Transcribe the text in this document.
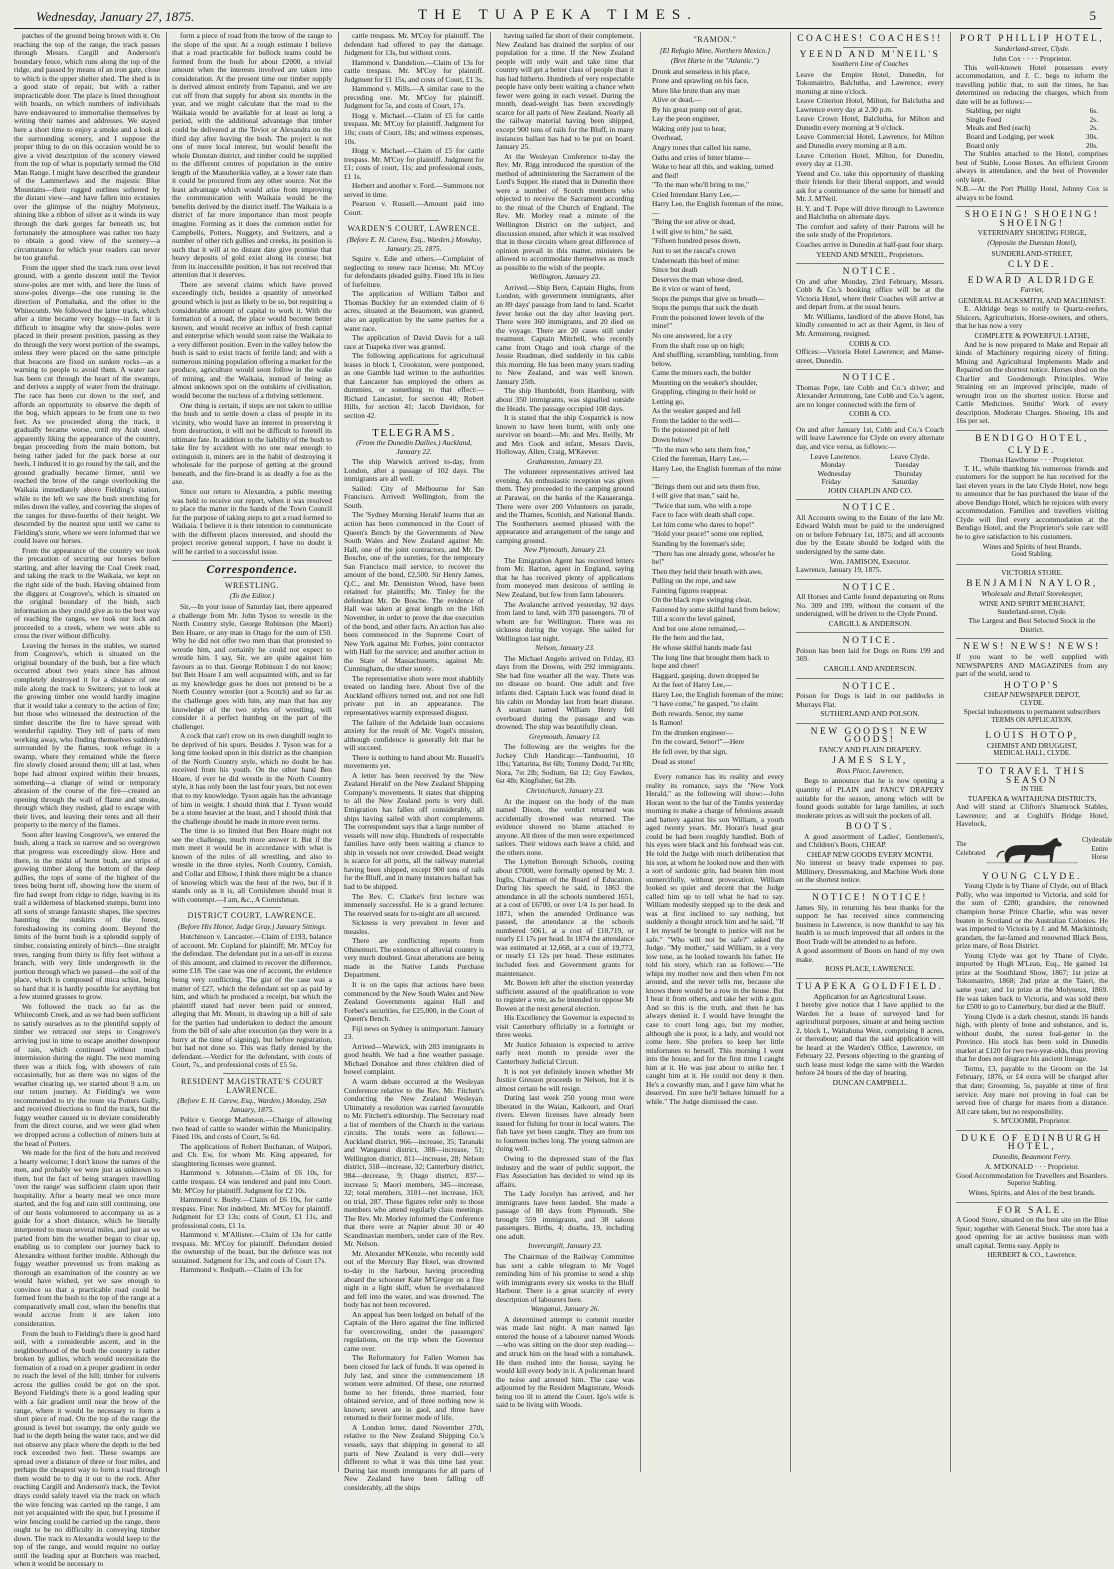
Wednesday, January 27, 1875.	THE TUAPEKA TIMES.	5

patches of the ground being brown with it. On reaching the top of the range, the track passes through Messrs. Cargill and Anderson's boundary fence, which runs along the top of the ridge, and passed by means of an iron gate, close to which is the upper shelter shed. The shed is in a good state of repair, but with a rather impracticable door. The place is lined throughout with boards, on which numbers of individuals have endeavoured to immortalise themselves by writing their names and addresses. We stayed here a short time to enjoy a smoke and a look at the surrounding scenery, and I suppose the proper thing to do on this occasion would be to give a vivid description of the scenery viewed from the top of what is popularly termed the Old Man Range. I might have described the grandeur of the Lammerlaws and the majestic Blue Mountains—their rugged outlines softened by the distant view—and have fallen into ecstasies over the glimpse of the mighty Molyneux, shining like a ribbon of silver as it winds its way through the dark gorges far beneath us; but fortunately the atmosphere was rather too hazy to obtain a good view of the scenery—a circumstance for which your readers can never be too grateful.

From the upper shed the track runs over level ground, with a gentle descent until the Teviot snow-poles are met with, and here the lines of snow-poles diverge—the one running in the direction of Pomahaka, and the other to the Whitecomb. We followed the latter track, which after a time became very boggy—in fact it is difficult to imagine why the snow-poles were placed in their present position, passing as they do through the very worst portion of the swamps, unless they were placed on the same principle that beacons are fixed on sunken rocks—as a warning to people to avoid them. A water race has been cut through the heart of the swamps, and derives a supply of water from the drainage. The race has been cut down to the reef, and affords an opportunity to observe the depth of the bog, which appears to be from one to two feet. As we proceeded along the track, it gradually became worse, until my Arab steed, apparently liking the appearance of the country, began proceeding from the main bottom, but being rather jaded for the pack horse at our heels, I induced it to go round by the tail, and the ground gradually became firmer, until we reached the brow of the range overlooking the Waikaia immediately above Fielding's station, while to the left we saw the bush stretching for miles down the valley, and covering the slopes of the ranges for three-fourths of their height. We descended by the nearest spur until we came to Fielding's store, where we were informed that we could leave our horses.

From the appearance of the country we took the precaution of securing our horses before starting, and after leaving the Coal Creek road, and taking the track to the Waikaia, we kept on the right side of the bush. Having obtained from the diggers at Cosgrove's, which is situated on the original boundary of the bush, such information as they could give as to the best way of reaching the ranges, we took our luck and proceeded to a creek, where we were able to cross the river without difficulty.

Leaving the horses in the stables, we started from Cosgrove's, which is situated on the original boundary of the bush, but a fire which occurred about two years since has almost completely destroyed it for a distance of one mile along the track to Switzers; yet to look at the growing timber one would hardly imagine that it would take a century to the action of fire; but those who witnessed the destruction of the timber describe the fire to have spread with wonderful rapidity. They tell of parts of men working away, who finding themselves suddenly surrounded by the flames, took refuge in a swamp, where they remained while the fierce fire slowly closed around them; till at last, when hope had almost expired within their breasts, something—a change of wind or temporary abrasion of the course of the fire—created an opening through the wall of flame and smoke, through which they rushed, glad to escape with their lives, and leaving their tents and all their property to the mercy of the flames.

Soon after leaving Cosgrove's, we entered the bush, along a track so narrow and so overgrown that progress was exceedingly slow. Here and there, in the midst of burnt bush, are strips of growing timber along the bottom of the deep gullies, the tops of some of the highest of the trees being burnt off, showing how the storm of fire had swept from ridge to ridge, leaving in its trail a wilderness of blackened stumps, burnt into all sorts of strange fantastic shapes, like spectres haunting the outskirts of the forest, foreshadowing its coming doom. Beyond the limits of the burnt bush is a splendid supply of timber, consisting entirely of birch—fine straight trees, ranging from thirty to fifty feet without a branch, with very little undergrowth in the portion through which we passed—the soil of the place, which is composed of mica schist, being so hard that it is hardly possible for anything but a few stunted grasses to grow.

We followed the track so far as the Whitecomb Creek, and as we had been sufficient to satisfy ourselves as to the plentiful supply of timber we retraced our steps to Cosgrove's arriving just in time to escape another downpour of rain, which continued without much intermission during the night. The next morning there was a thick fog, with showers of rain occasionally, but as there was no signs of the weather clearing up, we started about 9 a.m. on our return journey. At Fielding's we were recommended to try the route via Potters Gully, and received directions to find the track, but the foggy weather caused us to deviate considerably from the direct course, and we were glad when we dropped across a collection of miners huts at the head of Potters.

We made for the first of the huts and received a hearty welcome; I don't know the names of the men, and probably we were just as unknown to them, but the fact of being strangers travelling 'over the range' was sufficient claim upon their hospitality. After a hearty meal we once more started, and the fog and rain still continuing, one of our hosts volunteered to accompany us as a guide for a short distance, which he literally interpreted to mean several miles, and just as we parted from him the weather began to clear up, enabling us to complete our journey back to Alexandra without further trouble. Although the foggy weather prevented us from making as thorough an examination of the country as we would have wished, yet we saw enough to convince us that a practicable road could be formed from the bush to the top of the range at a comparatively small cost, when the benefits that would accrue from it are taken into consideration.

From the bush to Fielding's there is good hard soil, with a considerable ascent, and in the neighbourhood of the bush the country is rather broken by gullies, which would necessitate the formation of a road on a proper gradient in order to reach the level of the hill; timber for culverts across the gullies could be got on the spot. Beyond Fielding's there is a good leading spur with a fair gradient until near the brow of the range, where it would be necessary to form a short piece of road. On the top of the range the ground is level but swampy, the only guide we had to the depth being the water race, and we did not observe any place where the depth to the bed rock exceeded two feet. These swamps are spread over a distance of three or four miles, and perhaps the cheapest way to form a road through them would be to dig it out to the rock. After reaching Cargill and Anderson's track, the Teviot drays could safely travel via the track on which the wire fencing was carried up the range, I am not yet acquainted with the spur, but I presume if wire fencing could be carried up the range, there ought to be no difficulty in conveying timber down. The track to Alexandra would keep to the top of the range, and would require no outlay until the leading spur at Butchers was reached, when it would be necessary to

form a piece of road from the brow of the range to the slope of the spur. At a rough estimate I believe that a road practicable for bullock teams could be formed from the bush for about £2000, a trivial amount when the interests involved are taken into consideration. At the present time our timber supply is derived almost entirely from Tapanui, and we are cut off from that supply for about six months in the year, and we might calculate that the road to the Waikaia would be available for at least as long a period, with the additional advantage that timber could be delivered at the Teviot or Alexandra on the third day after leaving the bush. The project is not one of mere local interest, but would benefit the whole Dunstan district, and timber could be supplied to the different centres of population in the entire length of the Manuherikia valley, at a lower rate than it could be procured from any other source. Not the least advantage which would arise from improving the communication with Waikaia would be the benefits derived by the district itself. The Waikaia is a district of far more importance than most people imagine. Forming as it does the common outlet for Campbells, Potters, Nuggety, and Switzers, and a number of other rich gullies and creeks, its position is such that it will at no distant date give promise that heavy deposits of gold exist along its course; but from its inaccessible position, it has not received that attention that it deserves.

There are several claims which have proved exceedingly rich, besides a quantity of unworked ground which is just as likely to be so, but requiring a considerable amount of capital to work it. With the formation of a road, the place would become better known, and would receive an influx of fresh capital and enterprise which would soon raise the Waikaia to a very different position. Even in the valley below the bush is said to exist tracts of fertile land; and with a numerous mining population offering a market for the produce, agriculture would soon follow in the wake of mining, and the Waikaia, instead of being as almost unknown spot on the outskirts of civilisation, would become the nucleus of a thriving settlement.

One thing is certain, if steps are not taken to utilise the bush and to settle down a class of people in its vicinity, who would have an interest in preserving it from destruction, it will not be difficult to foretell its ultimate fate. In addition to the liability of the bush to take fire by accident with no one near enough to extinguish it, miners are in the habit of destroying it wholesale for the purpose of getting at the ground beneath, and the fire-brand is as deadly a foe as the axe.

Since our return to Alexandra, a public meeting was held to receive our report, when it was resolved to place the matter in the hands of the Town Council for the purpose of taking steps to get a road formed to Waikaia. I believe it is their intention to communicate with the different places interested, and should the project receive general support, I have no doubt it will be carried to a successful issue.

Correspondence.

WRESTLING.

(To the Editor.)

Sir,—In your issue of Saturday last, there appeared a challenge from Mr. John Tyson to wrestle in the North Country style, George Robinson (the Maori) Ben Hoare, or any man in Otago for the sum of £50. Why he did not offer two men than that protested to wrestle him, and certainly he could not expect to wrestle him. I say, Sir, we are quite against him favours as to that. George Robinson I do not know; but Ben Hoare I am well acquainted with, and so far as my knowledge goes he does not pretend to be a North Country wrestler (not a Scotch) and so far as the challenge goes with him, any man that has any knowledge of the two styles of wrestling, will consider it a perfect humbug on the part of the challenger.

A cock that can't crow on its own dunghill ought to be deprived of his spurs. Besides J. Tyson was for a long time looked upon in this district as the champion of the North Country style, which no doubt he has received from his youth. On the other hand Ben Hoare, if ever he did wrestle in the North Country style, it has only been the last four years, but not even that to my knowledge. Tyson again has the advantage of him in weight. I should think that J. Tyson would be a stone heavier at the least, and I should think that the challenge should be made in more even terms.

The time is so limited that Ben Hoare might not see the challenge, much more answer it. But if the men meet it would be in accordance with what is known of the rules of all wrestling, and also to wrestle in the three styles, North Country, Cornish, and Collar and Elbow, I think there might be a chance of knowing which was the best of the two, but if it stands only as it is, all Cornishmen should treat it with contempt.—I am, &c., A Cornishman.

DISTRICT COURT, LAWRENCE.

(Before His Honor, Judge Gray.) January Sittings.

Hutchinson v. Lancaster.—Claim of £193, balance of account. Mr. Copland for plaintiff; Mr. M'Coy for the defendant. The defendant put in a set-off in excess of this amount, and claimed to recover the difference, some £18. The case was one of account, the evidence being very conflicting. The gist of the case was a matter of £27, which the defendant set up as paid by him, and which he produced a receipt, but which the plaintiff stated had never been paid or entered, alleging that Mr. Mount, in drawing up a bill of sale for the parties had undertaken to deduct the amount from the bill of sale after execution (as they were in a hurry at the time of signing), but before registration, but had not done so. This was flatly denied by the defendant.—Verdict for the defendant, with costs of Court, 7s., and professional costs of £5 5s.

RESIDENT MAGISTRATE'S COURT LAWRENCE.

(Before E. H. Carew, Esq., Warden.) Monday, 25th January, 1875.

Police v. George Matheson.—Charge of allowing two head of cattle to wander within the Municipality. Fined 10s, and costs of Court, 5s 6d.

The applications of Robert Buchanan, of Waipori, and Ch. Ew, for whom Mr. King appeared, for slaughtering licenses were granted.

Hammond v. Johnston.—Claim of £6 10s, for cattle trespass. £4 was tendered and paid into Court. Mr. M'Coy for plaintiff. Judgment for £2 10s.

Hammond v. Busby.—Claim of £6 10s, for cattle trespass. Fine: Not indebted. Mr. M'Coy for plaintiff. Judgment for £3 13s; costs of Court, £1 11s, and professional costs, £1 1s.

Hammond v. M'Allister.—Claim of 13s for cattle trespass. Mr. M'Coy for plaintiff. Defendant denied the ownership of the beast, but the defence was not sustained. Judgment for 13s, and costs of Court 17s.

Hammond v. Redpath.—Claim of 13s for

cattle trespass. Mr. M'Coy for plaintiff. The defendant had offered to pay the damage. Judgment for 13s, but without costs.

Hammond v. Dandelion.—Claim of 13s for cattle trespass. Mr. M'Coy for plaintiff. Judgment for £1 15s, and costs of Court, £1 3s.

Hammond v. Mills.—A similar case to the preceding one. Mr. M'Coy for plaintiff. Judgment for 5s, and costs of Court, 17s.

Hogg v. Michael.—Claim of £5 for cattle trespass. Mr. M'Coy for plaintiff. Judgment for 10s; costs of Court, 18s; and witness expenses, 10s.

Hogg v. Michael.—Claim of £5 for cattle trespass. Mr. M'Coy for plaintiff. Judgment for £1; costs of court, 11s; and professional costs, £1 1s.

Herbert and another v. Ford.—Summons not served in time.

Pearson v. Russell.—Amount paid into Court.

WARDEN'S COURT, LAWRENCE.

(Before E. H. Carew, Esq., Warden.) Monday, January, 25, 1875.

Squire v. Edie and others.—Complaint of neglecting to renew race license. Mr. M'Coy for defendants pleaded guilty. Fined 10s in lieu of forfeiture.

The application of William Talbot and Thomas Buckley for an extended claim of 6 acres, situated at the Beaumont, was granted, also an application by the same parties for a water race.

The application of David Davis for a tail race at Tuapeka river was granted.

The following applications for agricultural leases in block I, Crookston, were postponed, as one Gamble had written to the authorities that Lancaster has employed the others as dummies, or something to that effect:—Richard Lancaster, for section 40; Robert Hills, for section 41; Jacob Davidson, for section 42.

TELEGRAMS.

(From the Dunedin Dailies.) Auckland, January 22.

The ship Warwick arrived to-day, from London, after a passage of 102 days. The immigrants are all well.

Sailed: City of Melbourne for San Francisco. Arrived: Wellington, from the South.

The 'Sydney Morning Herald' learns that an action has been commenced in the Court of Queen's Bench by the Governments of New South Wales and New Zealand against Mr. Hall, one of the joint contractors, and Mr. De Bosche, one of the sureties, for the temporary San Francisco mail service, to recover the amount of the bond, £2,500. Sir Henry James, Q.C., and Mr. Denniston Wood, have been retained for plaintiffs; Mr. Tinley for the defendant Mr. De Bosche. The evidence of Hall was taken at great length on the 16th November, in order to prove the due execution of the bond, and other facts. An action has also been commenced in the Supreme Court of New York against Mr. Forbes, joint contractor with Hall for the service; and another action in the State of Massachusetts, against Mr. Cunningham, the other surety.

The representative shots were most shabbily treated on landing here. About five of the Auckland officers turned out, and not one full private put in an appearance. The representatives warmly expressed disgust.

The failure of the Adelaide loan occasions anxiety for the result of Mr. Vogel's mission, although confidence is generally felt that he will succeed.

There is nothing to hand about Mr. Russell's movements yet.

A letter has been received by the 'New Zealand Herald' on the New Zealand Shipping Company's movements. It states that shipping to all the New Zealand ports is very dull. Emigration has fallen off considerably, all ships having sailed with short complements. The correspondent says that a large number of vessels will now ship. Hundreds of respectable families have only been waiting a chance to ship in vessels not over crowded. Dead weight is scarce for all ports, all the railway material having been shipped, except 900 tons of rails for the Bluff, and in many instances ballast has had to be shipped.

The Rev. C. Clarke's first lecture was immensely successful. He is a grand lecturer. The reserved seats for to-night are all secured.

Sickness is very prevalent in fever and measles.

There are conflicting reports from Ohinemuri. The existence of alluvial country is very much doubted. Great alterations are being made in the Native Lands Purchase Department.

It is on the tapis that actions have been commenced by the New South Wales and New Zealand Governments against Hall and Forbes's securities, for £25,000, in the Court of Queen's Bench.

Fiji news on Sydney is unimportant. January 23.

Arrived—Warwick, with 283 immigrants in good health. We had a fine weather passage. Michael Donahoe and three children died of bowel complaint.

A warm debate occurred at the Wesleyan Conference relative to the Rev. Mr. Fitchett's conducting the New Zealand Wesleyan. Ultimately a resolution was carried favourable to Mr. Fitchett's editorship. The Secretary read a list of members of the Church in the various circuits. The totals were as follows:—Auckland district, 966—increase, 35; Taranaki and Wanganui district, 388—increase, 51; Wellington district, 811—increase, 28; Nelson district, 318—increase, 32; Canterbury district, 984—decrease, 9; Otago district, 837—increase 5; Maori members, 345—increase, 32; total members, 3101—net increase, 163; on trial, 287. These figures refer only to those members who attend regularly class meetings. The Rev. Mr. Morley informed the Conference that there were at Napier about 30 or 40 Scandinavian members, under care of the Rev. Mr. Nelson.

Mr. Alexander M'Kenzie, who recently sold out of the Mercury Bay Hotel, was drowned to-day in the harbour, having proceeding aboard the schooner Kate M'Gregor on a fine night in a light skiff, when he overbalanced and fell into the water, and was drowned. The body has not been recovered.

An appeal has been lodged on behalf of the Captain of the Hero against the fine inflicted for overcrowding, under the passengers' regulations, on the trip when the Governor came over.

The Reformatory for Fallen Women has been closed for lack of funds. It was opened in July last, and since the commencement 18 women were admitted. Of these, one returned home to her friends, three married, four obtained service, and of three nothing now is known; seven are in gaol, and three have returned to their former mode of life.

A London letter, dated November 27th, relative to the New Zealand Shipping Co.'s vessels, says that shipping in general to all parts of New Zealand is very dull—very different to what it was this time last year. During last month immigrants for all parts of New Zealand have been falling off considerably, all the ships

having sailed far short of their complement. New Zealand has drained the surplus of our population for a time. If the New Zealand people will only wait and take time that country will get a better class of people than it has had hitherto. Hundreds of very respectable people have only been waiting a chance when fewer were going in each vessel. During the month, dead-weight has been exceedingly scarce for all parts of New Zealand. Nearly all the railway material having been shipped, except 900 tons of rails for the Bluff, in many instances ballast has had to be put on board. January 25.

At the Wesleyan Conference to-day the Rev. Mr. Rigg introduced the question of the method of administering the Sacrament of the Lord's Supper. He stated that in Dunedin there were a number of Scotch members who objected to receive the Sacrament according to the ritual of the Church of England. The Rev. Mr. Morley read a minute of the Wellington District on the subject, and discussion ensued, after which it was resolved that in those circuits where great difference of opinion prevail in this matter, ministers be allowed to accommodate themselves as much as possible to the wish of the people.

Wellington, January 23.

Arrived.—Ship Bern, Captain Highs, from London, with government immigrants, after an 89 days' passage from land to land. Scarlet fever broke out the day after leaving port. There were 360 immigrants, and 20 died on the voyage. There are 20 cases still under treatment. Captain Mitchell, who recently came from Otago and took charge of the Jessie Readman, died suddenly in his cabin this morning. He has been many years trading to New Zealand, and was well known. January 25th.

The ship Humboldt, from Hamburg, with about 350 immigrants, was signalled outside the Heads. The passage occupied 108 days.

It is stated that the ship Cospatrick is now known to have been burnt, with only one survivor on board:—Mr. and Mrs. Reilly, Mr and Mrs Cook and infant, Messrs Davis, Holloway, Allen, Craig, M'Keever.

Grahamston, January 23.

The volunteer representatives arrived last evening. An enthusiastic reception was given them. They proceeded to the camping ground at Parawai, on the banks of the Kauaeranga. There were over 200 Volunteers on parade, and the Thames, Scottish, and National Bands. The Southerners seemed pleased with the appearance and arrangement of the range and camping ground.

New Plymouth, January 23.

The Emigration Agent has received letters from Mr. Barton, agent in England, saying that he has received plenty of applications from moneyed men desirous of settling in New Zealand, but few from farm labourers.

The Avalanche arrived yesterday, 92 days from land to land, with 370 passengers. 70 of whom are for Wellington. There was no sickness during the voyage. She sailed for Wellington last night.

Nelson, January 23.

The Michael Angelo arrived on Friday, 83 days from the Downs, with 292 immigrants. She had fine weather all the way. There was no disease on board. One adult and five infants died. Captain Luck was found dead in his cabin on Monday last from heart disease. A seaman named William Henry fell overboard during the passage and was drowned. The ship was beautifully clean.

Greymouth, January 13.

The following are the weights for the Jockey Club Handicap:—Tambourini, 10 1lbs; Yattarina, 8st 6lb; Tommy Dodd, 7st 8lb; Nora, 7st 2lb; Sodium, 6st 12; Guy Fawkes, 6st 4lb; Kingfisher, 6st 2lb.

Christchurch, January 23.

At the inquest on the body of the man named Dixon, the verdict returned was accidentally drowned was returned. The evidence showed no blame attached to anyone. All three of the men were experienced sailors. Their widows each leave a child, and the others none.

The Lyttelton Borough Schools, costing about £7000, were formally opened by Mr. J. Inglis, Chairman of the Board of Education. During his speech he said, in 1863 the attendance in all the schools numbered 1651, at a cost of £6700, or over 1/4 1s per head. In 1871, when the amended Ordinance was passed, the attendance at the schools numbered 5061, at a cost of £10,719, or nearly £1 17s per head. In 1874 the attendance was estimated at 12,668, at a cost of 19,773, or nearly £1 12s per head. These estimates included fees and Government grants for maintenance.

Mr. Bowen left after the election yesterday sufficient assured of the qualification to vote to register a vote, as he intended to oppose Mr Bowen at the next general election.

His Excellency the Governor is expected to visit Canterbury officially in a fortnight or three weeks.

Mr Justice Johnston is expected to arrive early next month to preside over the Canterbury Judicial Circuit.

It is not yet definitely known whether Mr Justice Gresson proceeds to Nelson, but it is almost certain he will resign.

During last week 250 young trout were liberated in the Waiau, Kaikouri, and Orari rivers. Eleven licenses have already been issued for fishing for trout in local waters. The fish have yet been caught. They are from ten to fourteen inches long. The young salmon are doing well.

Owing to the depressed state of the flax industry and the want of public support, the Flax Association has decided to wind up its affairs.

The Lady Jocelyn has arrived, and her immigrants have been landed. She made a passage of 80 days from Plymouth. She brought 559 immigrants, and 38 saloon passengers. Births, 4; deaths, 19, including one adult.

Invercargill, January 23.

The Chairman of the Railway Committee has sent a cable telegram to Mr Vogel reminding him of his promise to send a ship with immigrants every six weeks to the Bluff Harbour. There is a great scarcity of every description of labourers here.

Wanganui, January 26.

A determined attempt to commit murder was made last night. A man named Igo entered the house of a labourer named Woods—who was sitting on the door step reading—and struck him on the head with a tomahawk. He then rushed into the house, saying he would kill every body in it. A policeman heard the noise and arrested him. The case was adjourned by the Resident Magistrate, Woods being too ill to attend the Court. Igo's wife is said to be living with Woods.

"RAMON."

[El Refugio Mine, Northern Mexico.]

(Bret Harte in the "Atlantic.")

Drunk and senseless in his place,

Prone and sprawling on his face,

More like brute than any man

Alive or dead,—

By his great pump out of gear,

Lay the peon engineer,

Waking only just to hear,

Overhead,

Angry tones that called his name,

Oaths and cries of bitter blame—

Woke to hear all this, and waking, turned and fled!

"To the man who'll bring to me,"

Cried Intendant Harry Lee,—

Harry Lee, the English foreman of the mine,—

"Bring the sot alive or dead,

I will give to him," he said,

"Fifteen hundred pesos down,

Just to set the rascal's crown

Underneath this heel of mine:

Since but death

Deserves the man whose deed,

Be it vice or want of heed,

Stops the pumps that give us breath—

Stops the pumps that suck the death

From the poisoned lower levels of the mine!"

No one answered, for a cry

From the shaft rose up on high;

And shuffling, scrambling, tumbling, from below,

Came the miners each, the bolder

Mounting on the weaker's shoulder,

Grappling, clinging to their hold or

Letting go,

As the weaker gasped and fell

From the ladder to the well—

To the poisoned pit of hell

Down below!

"To the man who sets them free,"

Cried the foreman, Harry Lee,—

Harry Lee, the English foreman of the mine—

"Brings them out and sets them free,

I will give that man," said he,

"Twice that sum, who with a rope

Face to face with death shall cope.

Let him come who dares to hope!"

"Hold your peace!" some one replied,

Standing by the foreman's side;

"There has one already gone, whose'er he be!"

Then they held their breath with awe,

Pulling on the rope, and saw

Fainting figures reappear.

On the black rope swinging clear,

Fastened by some skilful hand from below;

Till a score the level gained,

And but one alone remained,—

He the hero and the last,

He whose skilful hands made fast

The long line that brought them back to hope and cheer!

Haggard, gasping, down dropped he

At the feet of Harry Lee,—

Harry Lee, the English foreman of the mine;

"I have come," he gasped, "to claim

Both rewards. Senor, my name

Is Ramon!

I'm the drunken engineer—

I'm the coward, Senor!"—Here

He fell over, by that sign,

Dead as stone!

Every romance has its reality and every reality its romance, says the "New York Herald," as the following will show:—John Horan went to the bar of the Tombs yesterday morning to make a charge of felonious assault and battery against his son William, a youth aged twenty years. Mr. Horan's head gear could be had been roughly handled. Both of his eyes were black and his forehead was cut. He told the Judge with much deliberation that his son, at whom he looked now and then with a sort of sardonic grin, had beaten him most unmercifully, without provocation. William looked so quiet and decent that the Judge called him up to tell what he had to say. William modestly stepped up to the desk and was at first inclined to say nothing, but suddenly a thought struck him and he said, "If I let myself be brought to justice will not be safe." "Who will not be safe?" asked the Judge. "My mother," said William, in a very low tone, as he looked towards his father. He told his story, which ran as follows:—"He whips my mother now and then when I'm not around, and she never tells me, because she knows there would be a row in the house. But I hear it from others, and take her with a gun. And so this is the truth, and then he has always denied it. I would have brought the case to court long ago, but my mother, although she is poor, is a lady, and would not come here. She prefers to keep her little misfortunes to herself. This morning I went into the house, and for the first time I caught him at it. He was just about to strike her. I caught him at it. He could not deny it then. He's a cowardly man, and I gave him what he deserved. I'm sure he'll behave himself for a while." The Judge dismissed the case.

COACHES! COACHES!!

YEEND AND M'NEIL'S

Southern Line of Coaches

Leave the Empire Hotel, Dunedin, for Tokomairiro, Balclutha, and Lawrence, every morning at nine o'clock.

Leave Criterion Hotel, Milton, for Balclutha and Lawrence every day at 2.30 p.m.

Leave Crown Hotel, Balclutha, for Milton and Dunedin every morning at 9 o'clock.

Leave Commercial Hotel, Lawrence, for Milton and Dunedin every morning at 8 a.m.

Leave Criterion Hotel, Milton, for Dunedin, every day at 11.30.

Yeend and Co. take this opportunity of thanking their friends for their liberal support, and would ask for a continuance of the same for himself and Mr. J. M'Neil.

H. Y. and T. Pope will drive through to Lawrence and Balclutha on alternate days.

The comfort and safety of their Patrons will be the sole study of the Proprietors.

Coaches arrive in Dunedin at half-past four sharp.

YEEND AND M'NEIL, Proprietors.

NOTICE.

On and after Monday, 23rd February, Messrs. Cobb & Co.'s booking office will be at the Victoria Hotel, where their Coaches will arrive at and depart from, at the usual hours.

Mr. Williams, landlord of the above Hotel, has kindly consented to act as their Agent, in lieu of Mr. Armstrong, resigned.

COBB & CO.

Offices:—Victoria Hotel Lawrence; and Manse-street, Dunedin.

NOTICE.

Thomas Pope, late Cobb and Co.'s driver; and Alexander Armstrong, late Cobb and Co.'s agent, are no longer connected with the firm of

COBB & CO.

On and after January 1st, Cobb and Co.'s Coach will leave Lawrence for Clyde on every alternate day, and vice versa, as follows:—

Leave Lawrence.	Leave Clyde.
Monday	Tuesday
Wednesday	Thursday
Friday	Saturday

JOHN CHAPLIN AND CO.

NOTICE.

All Accounts owing to the Estate of the late Mr. Edward Walsh must be paid to the undersigned on or before February 1st, 1875; and all accounts due by the Estate should be lodged with the undersigned by the same date.

Wm. JAMISON, Executor.

Lawrence, January 19, 1875.

NOTICE.

All Horses and Cattle found depasturing on Runs No. 309 and 199, without the consent of the undersigned, will be driven to the Clyde Pound.

CARGILL & ANDERSON.

NOTICE.

Poison has been laid for Dogs on Runs 199 and 369.

CARGILL AND ANDERSON.

NOTICE.

Poison for Dogs is laid in our paddocks in Murrays Flat.

SUTHERLAND AND POLSON.

NEW GOODS! NEW GOODS!

FANCY AND PLAIN DRAPERY.

JAMES SLY,

Ross Place, Lawrence,

Begs to announce that he is now opening a quantity of PLAIN and FANCY DRAPERY suitable for the season, among which will be found goods suitable for large families, at such moderate prices as will suit the pockets of all.

BOOTS.

A good assortment of Ladies', Gentlemen's, and Children's Boots, CHEAP.

CHEAP NEW GOODS EVERY MONTH.

No interest or heavy trade expenses to pay. Millinery, Dressmaking, and Machine Work done on the shortest notice.

NOTICE! NOTICE!

James Sly, in returning his best thanks for the support he has received since commencing business in Lawrence, is now thankful to say his health is so much improved that all orders in the Boot Trade will be attended to as before.

A good assortment of Boots on hand of my own make.

ROSS PLACE, LAWRENCE.

TUAPEKA GOLDFIELD.

Application for an Agricultural Lease.

I hereby give notice that I have applied to the Warden for a lease of surveyed land for agricultural purposes, situate at and being section 2, block I., Waitahuna West, comprising 8 acres, or thereabout; and that the said application will be heard at the Warden's Office, Lawrence, on February 22. Persons objecting to the granting of such lease must lodge the same with the Warden before 24 hours of the day of hearing.

DUNCAN CAMPBELL.

PORT PHILLIP HOTEL,

Sunderland-street, Clyde.

John Cox · · · · Proprietor.

This well-known Hotel possesses every accommodation, and J. C. begs to inform the travelling public that, to suit the times, he has determined on reducing the charges, which from date will be as follows:—

Stabling, per night	6s.
Single Feed	2s.
Meals and Bed (each)	2s.
Board and Lodging, per week	30s.
Board only	20s.

The Stables attached to the Hotel, comprises best of Stable, Loose Boxes. An efficient Groom always in attendance, and the best of Provender only kept.

N.B.—At the Port Phillip Hotel, Johnny Cox is always to be found.

SHOEING! SHOEING! SHOEING!

VETERINARY SHOEING FORGE,

(Opposite the Dunstan Hotel),

SUNDERLAND-STREET,

CLYDE.

EDWARD ALDRIDGE

Farrier,

GENERAL BLACKSMITH, AND MACHINIST.

E. Aldridge begs to notify to Quartz-reefers, Sluicers, Agriculturists, Horse-owners, and others, that he has now a very

COMPLETE & POWERFUL LATHE,

And he is now prepared to Make and Repair all kinds of Machinery requiring nicety of fitting. Mining and Agricultural Implements Made and Repaired on the shortest notice. Horses shod on the Charlier and Goodenough Principles. Wire Straining on an improved principle, made of wrought iron on the shortest notice. Horse and Cattle Medicines. Smiths' Work of every description. Moderate Charges. Shoeing, 10s and 16s per set.

BENDIGO HOTEL,

CLYDE.

Thomas Hawthorne · · · Proprietor.

T. H., while thanking his numerous friends and customers for the support he has received for the last eleven years in the late Clyde Hotel, now begs to announce that he has purchased the lease of the above Bendigo Hotel, which he rejoices with every accommodation. Families and travellers visiting Clyde will find every accommodation at the Bendigo Hotel, and the Proprietor's sole care will be to give satisfaction to his customers.

Wines and Spirits of best Brands.

Good Stabling.

VICTORIA STORE.

BENJAMIN NAYLOR,

Wholesale and Retail Storekeeper,

WINE AND SPIRIT MERCHANT,

Sunderland-street, Clyde.

The Largest and Best Selected Stock in the District.

NEWS! NEWS! NEWS!

If you want to be well supplied with NEWSPAPERS AND MAGAZINES from any part of the world, send to

HOTOP'S

CHEAP NEWSPAPER DEPOT,

CLYDE.

Special inducements to permanent subscribers

TERMS ON APPLICATION.

LOUIS HOTOP,

CHEMIST AND DRUGGIST,

MEDICAL HALL, CLYDE.

TO TRAVEL THIS SEASON

IN THE

TUAPEKA & WAITAHUNA DISTRICTS,

And will stand at Clifton's Shamrock Stables, Lawrence; and at Coghill's Bridge Hotel, Havelock,

The Celebrated
Clydesdale Entire Horse

YOUNG CLYDE.

Young Clyde is by Thane of Clyde, out of Black Polly, who was imported to Victoria, and sold for the sum of £280; grandsire, the renowned champion horse Prince Charlie, who was never beaten in Scotland or the Australian Colonies. He was imported to Victoria by J. and M. Mackintosh; grandam, the far-famed and renowned Black Bess, prize mare, of Ross District.

Young Clyde was got by Thane of Clyde, imported by Hugh M'Lean, Esq., He gained 1st prize at the Southland Show, 1867; 1st prize at Tokomairiro, 1868; 2nd prize at the Taieri, the same year; and 1st prize at the Molyneux, 1869. He was taken back to Victoria, and was sold there for £500 to go to Canterbury, but died at the Bluff.

Young Clyde is a dark chesnut, stands 16 hands high, with plenty of bone and substance, and is, without doubt, the surest foal-getter in the Province. His stock has been sold in Dunedin market at £120 for two two-year-olds, thus proving that he does not disgrace his ancient lineage.

Terms, £3, payable to the Groom on the 1st February, 1876, or £4 extra will be charged after that date; Grooming, 5s, payable at time of first service. Any mare not proving in foal can be served free of charge for mares from a distance. All care taken, but no responsibility.

S. M'COOMB, Proprietor.

DUKE OF EDINBURGH HOTEL,

Dunedin, Beaumont Ferry.

A. M'DONALD · · · Proprietor.

Good Accommodation for Travellers and Boarders.

Superior Stabling.

Wines, Spirits, and Ales of the best brands.

FOR SALE.

A Good Store, situated on the best site on the Blue Spur; together with General Stock. The store has a good opening for an active business man with small capital. Terms easy. Apply to

HERBERT & CO., Lawrence.
